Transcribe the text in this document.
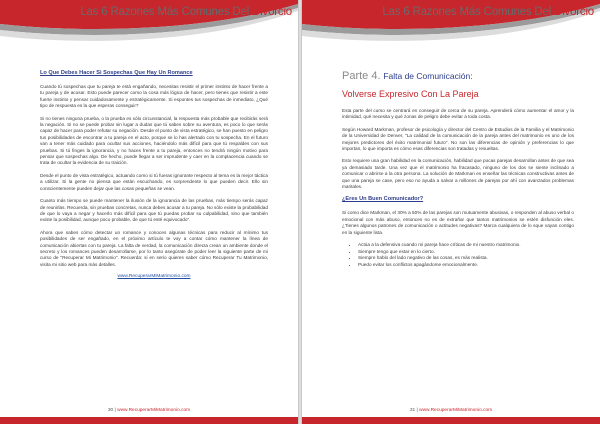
Las 6 Razones Más Comunes Del Divorcio
Lo Que Debes Hacer Si Sospechas Que Hay Un Romance

Cuando tú sospechas que tu pareja te está engañando, necesitas resistir el primer instinto de hacer frente a tu pareja y de acusar. Esto puede parecer como la cosa más lógica de hacer, pero tienes que resistir a este fuerte instinto y pensar cuidadosamente y estratégicamente. Si espontes tus sospechas de inmediato, ¿Qué tipo de respuesta es la que esperas conseguir?

Si no tienes ninguna prueba, o la prueba es sólo circunstancial, la respuesta más probable que recibirás será la negación. Si no se puede probar sin lugar a dudas que tú sabes sobre su aventura, es poco lo que serás capaz de hacer para poder refutar su negación. Desde el punto de vista estratégico, se han puesto en peligro tus posibilidades de encontrar a tu pareja en el acto, porque se lo has alertado con tu sospecha. En el futuro van a tener más cuidado para ocultar sus acciones, haciéndolo más difícil para que tú respaldes con sus pruebas. Si tú finges la ignorancia, y no haces frente a tu pareja, entonces no tendrá ningún motivo para pensar que sospechas algo. De hecho, puede llegar a ser imprudente y caer en la complacencia cuando se trata de ocultar la evidencia de su traición.

Desde el punto de vista estratégico, actuando como si tú fueras ignorante respecto al tema es la mejor táctica a utilizar. Si la gente no piensa que están escuchando, es sorprendente lo que pueden decir. Ello sin conscientemente pueden dejar que las cosas pequeñas se vean.

Cuanto más tiempo se puede mantener la ilusión de la ignorancia de las pruebas, más tiempo serás capaz de reunirlas. Recuerda, sin pruebas concretas, nunca debes acusar a tu pareja. No sólo existe la probabilidad de que lo vaya a negar y hacerlo más difícil para que tú puedas probar su culpabilidad, sino que también existe la posibilidad, aunque poco probable, de que tú esté equivocado".

Ahora que sabes cómo detectar un romance y conoces algunas técnicas para reducir al mínimo tus posibilidades de ser engañado, en el próximo artículo te voy a contar cómo mantener la línea de comunicación abiertas con tu pareja. La falta de verdad, la comunicación directa crean un ambiente donde el secreto y los romances pueden desarrollarse, por lo tanto asegúrate de poder leer la siguiente parte de mi curso de "Recuperar Mi Matrimonio". Recuerda: si en serio quieres saber cómo Recuperar Tu Matrimonio, visita mi sitio web para más detalles.

www.RecuperarMiMatrimonio.com
30 | www.RecuperarMiMatrimonio.com
Las 6 Razones Más Comunes Del Divorcio
Parte 4. Falta de Comunicación:
Volverse Expresivo Con La Pareja

Esta parte del curso se centrará en conseguir de cerca de su pareja. Aprenderá cómo aumentar el amor y la intimidad, qué necesita y qué zonas de peligro debe evitar a toda costa.

Según Howard Markman, profesor de psicología y director del Centro de Estudios de la Familia y el Matrimonio de la Universidad de Denver, "La calidad de la comunicación de la pareja antes del matrimonio es uno de los mejores predictores del éxito matrimonial futuro". No son las diferencias de opinión y preferencias lo que importan, lo que importa es cómo esas diferencias son tratadas y resueltas.

Esto requiere una gran habilidad en la comunicación, habilidad que pocas parejas desarrollan antes de que sea ya demasiado tarde. Una vez que el matrimonio ha fracasado, ninguno de los dos se siente inclinado a comunicar o abrirse a la otra persona. La solución de Markman es enseñar las técnicas constructivas antes de que una pareja se case, pero eso no ayuda a salvar a millones de parejas por ahí con avanzados problemas maritales.

¿Eres Un Buen Comunicador?

Si como dice Markman, el 30% a 50% de las parejas son mutuamente abusivas, o responden al abuso verbal o emocional con más abuso, entonces no es de extrañar que tantos matrimonios se estén disfunción eles. ¿Tienes algunos patrones de comunicación o actitudes negativas? Marca cualquiera de lo sque vayan contigo en la siguiente lista.

• Actúa a la defensiva cuando mi pareja hace críticas de mi nuestro matrimonio.
• Siempre tengo que estar en lo cierto.
• Siempre hablo del lado negativo de las cosas, es más realista.
• Puedo evitar los conflictos apagándome emocionalmente.
31 | www.RecuperarMiMatrimonio.com
